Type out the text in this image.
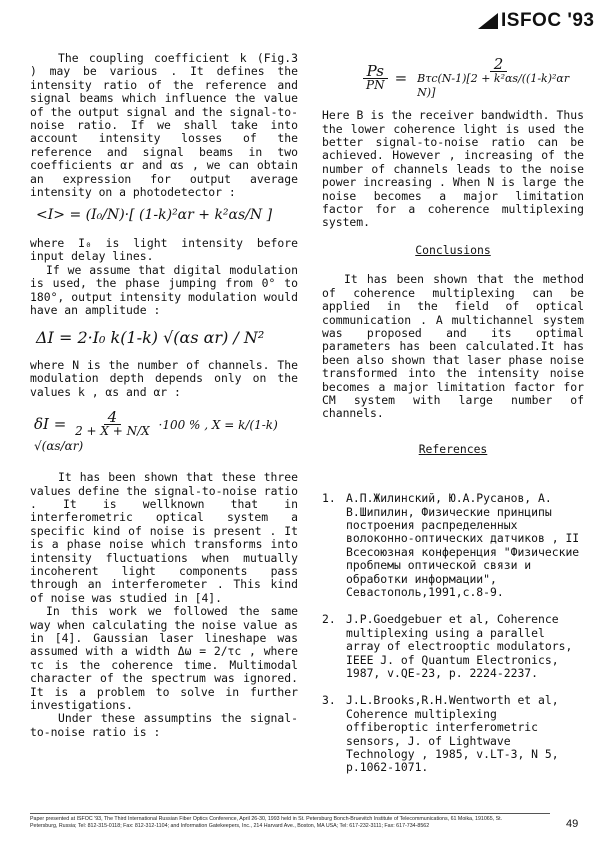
ISFOC '93

The coupling coefficient k (Fig.3 ) may be various . It defines the intensity ratio of the reference and signal beams which influence the value of the output signal and the signal-to-noise ratio. If we shall take into account intensity losses of the reference and signal beams in two coefficients αr and αs , we can obtain an expression for output average intensity on a photodetector :

<I> = (I₀/N)·[ (1-k)²αr + k²αs/N ]

where I₀ is light intensity before input delay lines.

If we assume that digital modulation is used, the phase jumping from 0° to 180°, output intensity modulation would have an amplitude :

ΔI = 2·I₀ k(1-k) √(αs αr) / N²

where N is the number of channels. The modulation depth depends only on the values k , αs and αr :

$\delta I = \frac{4}{2 + X + N/X} \cdot 100$ % , X = k/(1-k) √(αs/αr)

It has been shown that these three values define the signal-to-noise ratio . It is wellknown that in interferometric optical system a specific kind of noise is present . It is a phase noise which transforms into intensity fluctuations when mutually incoherent light components pass through an interferometer . This kind of noise was studied in [4].

In this work we followed the same way when calculating the noise value as in [4]. Gaussian laser lineshape was assumed with a width Δω = 2/τc , where τc is the coherence time. Multimodal character of the spectrum was ignored. It is a problem to solve in further investigations.

Under these assumptins the signal-to-noise ratio is :

$\frac{Ps}{PN} = \frac{2}{\text{Bτc(N-1)[2 + k²αs/((1-k)²αr N)]}}$

Here B is the receiver bandwidth. Thus the lower coherence light is used the better signal-to-noise ratio can be achieved. However , increasing of the number of channels leads to the noise power increasing . When N is large the noise becomes a major limitation factor for a coherence multiplexing system.

Conclusions

It has been shown that the method of coherence multiplexing can be applied in the field of optical communication . A multichannel system was proposed and its optimal parameters has been calculated.It has been also shown that laser phase noise transformed into the intensity noise becomes a major limitation factor for CM system with large number of channels.

References
1. А.П.Жилинский, Ю.А.Русанов, А. В.Шипилин, Физические принципы построения распределенных волоконно-оптических датчиков , II Всесоюзная конференция "Физические пробпемы оптической связи и обработки информации", Севастополь,1991,с.8-9.
2. J.P.Goedgebuer et al, Coherence multiplexing using a parallel array of electrooptic modulators, IEEE J. of Quantum Electronics, 1987, v.QE-23, p. 2224-2237.
3. J.L.Brooks,R.H.Wentworth et al, Coherence multiplexing offiberoptic interferometric sensors, J. of Lightwave Technology , 1985, v.LT-3, N 5, p.1062-1071.
Paper presented at ISFOC '93, The Third International Russian Fiber Optics Conference, April 26-30, 1993 held in St. Petersburg Bonch-Bruevitch Institute of Telecommunications, 61 Moika, 191065, St. Petersburg, Russia; Tel: 812-315-0118; Fax: 812-312-1104; and Information Gatekeepers, Inc., 214 Harvard Ave., Boston, MA USA; Tel: 617-232-3111; Fax: 617-734-8562	49
